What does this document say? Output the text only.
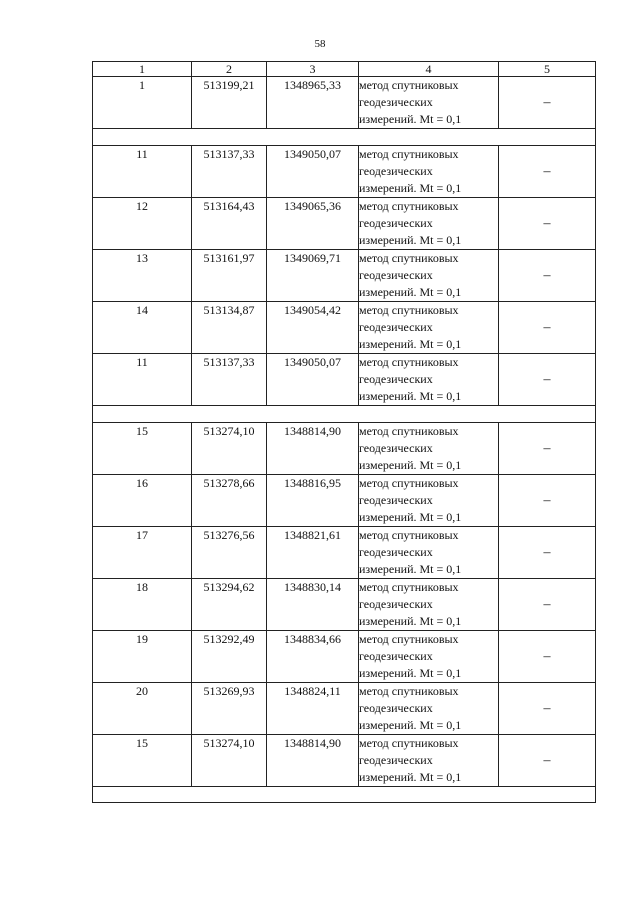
58
1	2	3	4	5
1	513199,21	1348965,33	метод спутниковых
геодезических
измерений. Mt = 0,1	–

11	513137,33	1349050,07	метод спутниковых
геодезических
измерений. Mt = 0,1	–
12	513164,43	1349065,36	метод спутниковых
геодезических
измерений. Mt = 0,1	–
13	513161,97	1349069,71	метод спутниковых
геодезических
измерений. Mt = 0,1	–
14	513134,87	1349054,42	метод спутниковых
геодезических
измерений. Mt = 0,1	–
11	513137,33	1349050,07	метод спутниковых
геодезических
измерений. Mt = 0,1	–

15	513274,10	1348814,90	метод спутниковых
геодезических
измерений. Mt = 0,1	–
16	513278,66	1348816,95	метод спутниковых
геодезических
измерений. Mt = 0,1	–
17	513276,56	1348821,61	метод спутниковых
геодезических
измерений. Mt = 0,1	–
18	513294,62	1348830,14	метод спутниковых
геодезических
измерений. Mt = 0,1	–
19	513292,49	1348834,66	метод спутниковых
геодезических
измерений. Mt = 0,1	–
20	513269,93	1348824,11	метод спутниковых
геодезических
измерений. Mt = 0,1	–
15	513274,10	1348814,90	метод спутниковых
геодезических
измерений. Mt = 0,1	–
